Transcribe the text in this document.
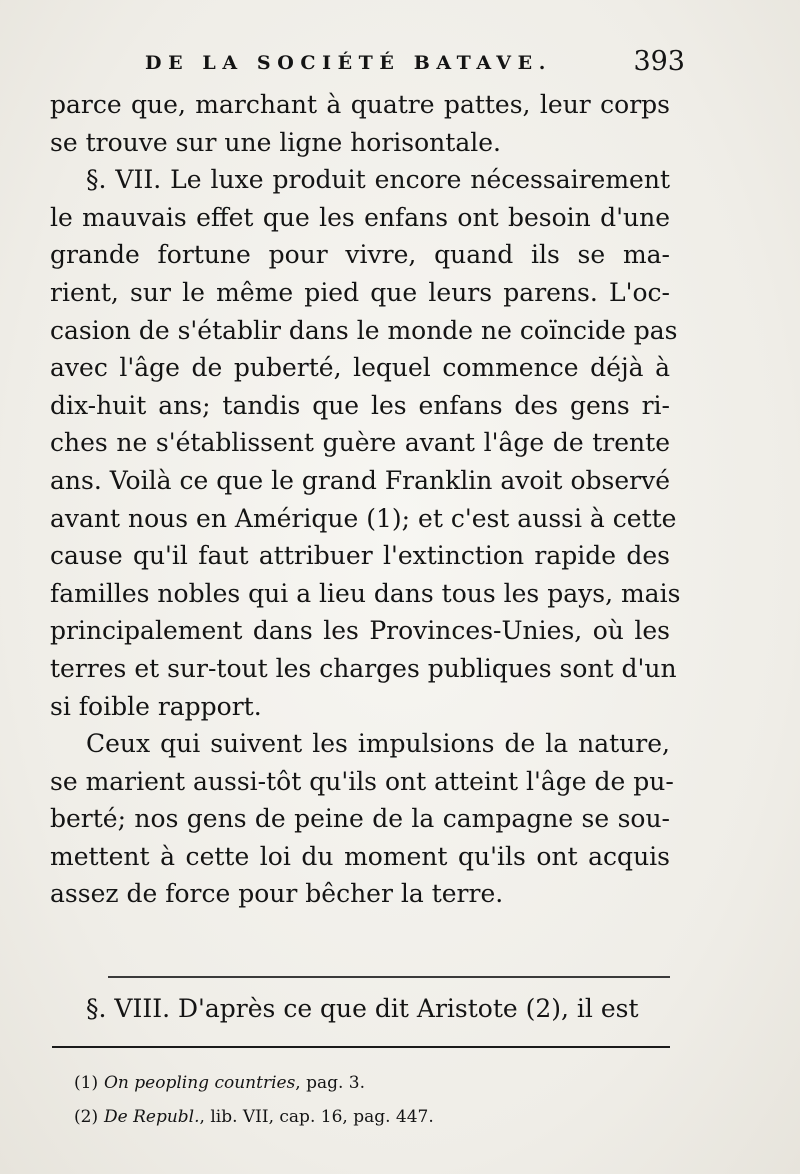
DE LA SOCIÉTÉ BATAVE.	393
parce que, marchant à quatre pattes, leur corps
se trouve sur une ligne horisontale.
§. VII. Le luxe produit encore nécessairement
le mauvais effet que les enfans ont besoin d'une
grande fortune pour vivre, quand ils se ma-
rient, sur le même pied que leurs parens. L'oc-
casion de s'établir dans le monde ne coïncide pas
avec l'âge de puberté, lequel commence déjà à
dix-huit ans; tandis que les enfans des gens ri-
ches ne s'établissent guère avant l'âge de trente
ans. Voilà ce que le grand Franklin avoit observé
avant nous en Amérique (1); et c'est aussi à cette
cause qu'il faut attribuer l'extinction rapide des
familles nobles qui a lieu dans tous les pays, mais
principalement dans les Provinces-Unies, où les
terres et sur-tout les charges publiques sont d'un
si foible rapport.
Ceux qui suivent les impulsions de la nature,
se marient aussi-tôt qu'ils ont atteint l'âge de pu-
berté; nos gens de peine de la campagne se sou-
mettent à cette loi du moment qu'ils ont acquis
assez de force pour bêcher la terre.
§. VIII. D'après ce que dit Aristote (2), il est
(1) On peopling countries, pag. 3.
(2) De Republ., lib. VII, cap. 16, pag. 447.
